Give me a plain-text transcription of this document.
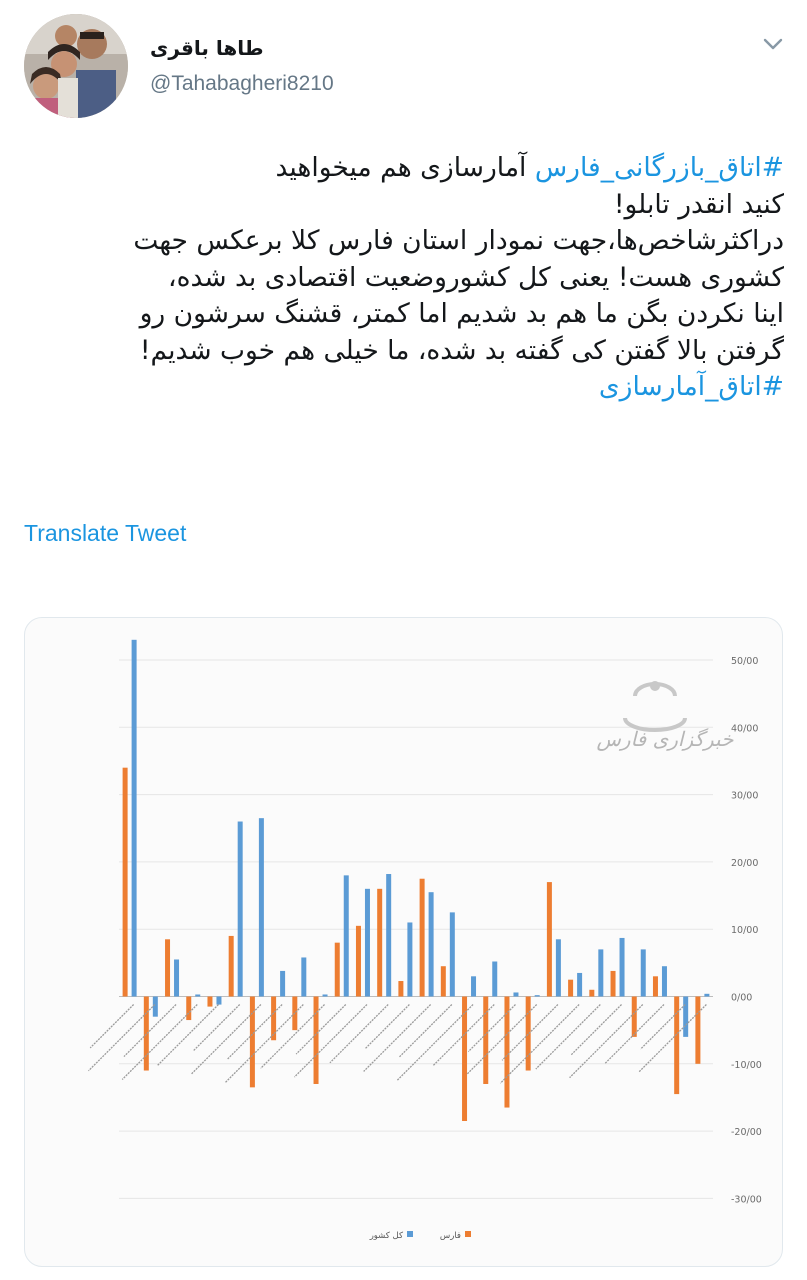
طاها باقری
@Tahabagheri8210
#اتاق_بازرگانی_فارس آمارسازی هم میخواهید
کنید انقدر تابلو!
دراکثرشاخص‌ها،جهت نمودار استان فارس کلا برعکس جهت
کشوری هست! یعنی کل کشوروضعیت اقتصادی بد شده،
اینا نکردن بگن ما هم بد شدیم اما کمتر، قشنگ سرشون رو
گرفتن بالا گفتن کی گفته بد شده، ما خیلی هم خوب شدیم!
#اتاق_آمارسازی
Translate Tweet
خبرگزاری فارس
50/00
40/00
30/00
20/00
10/00
0/00
-10/00
-20/00
-30/00
کل کشور	فارس
